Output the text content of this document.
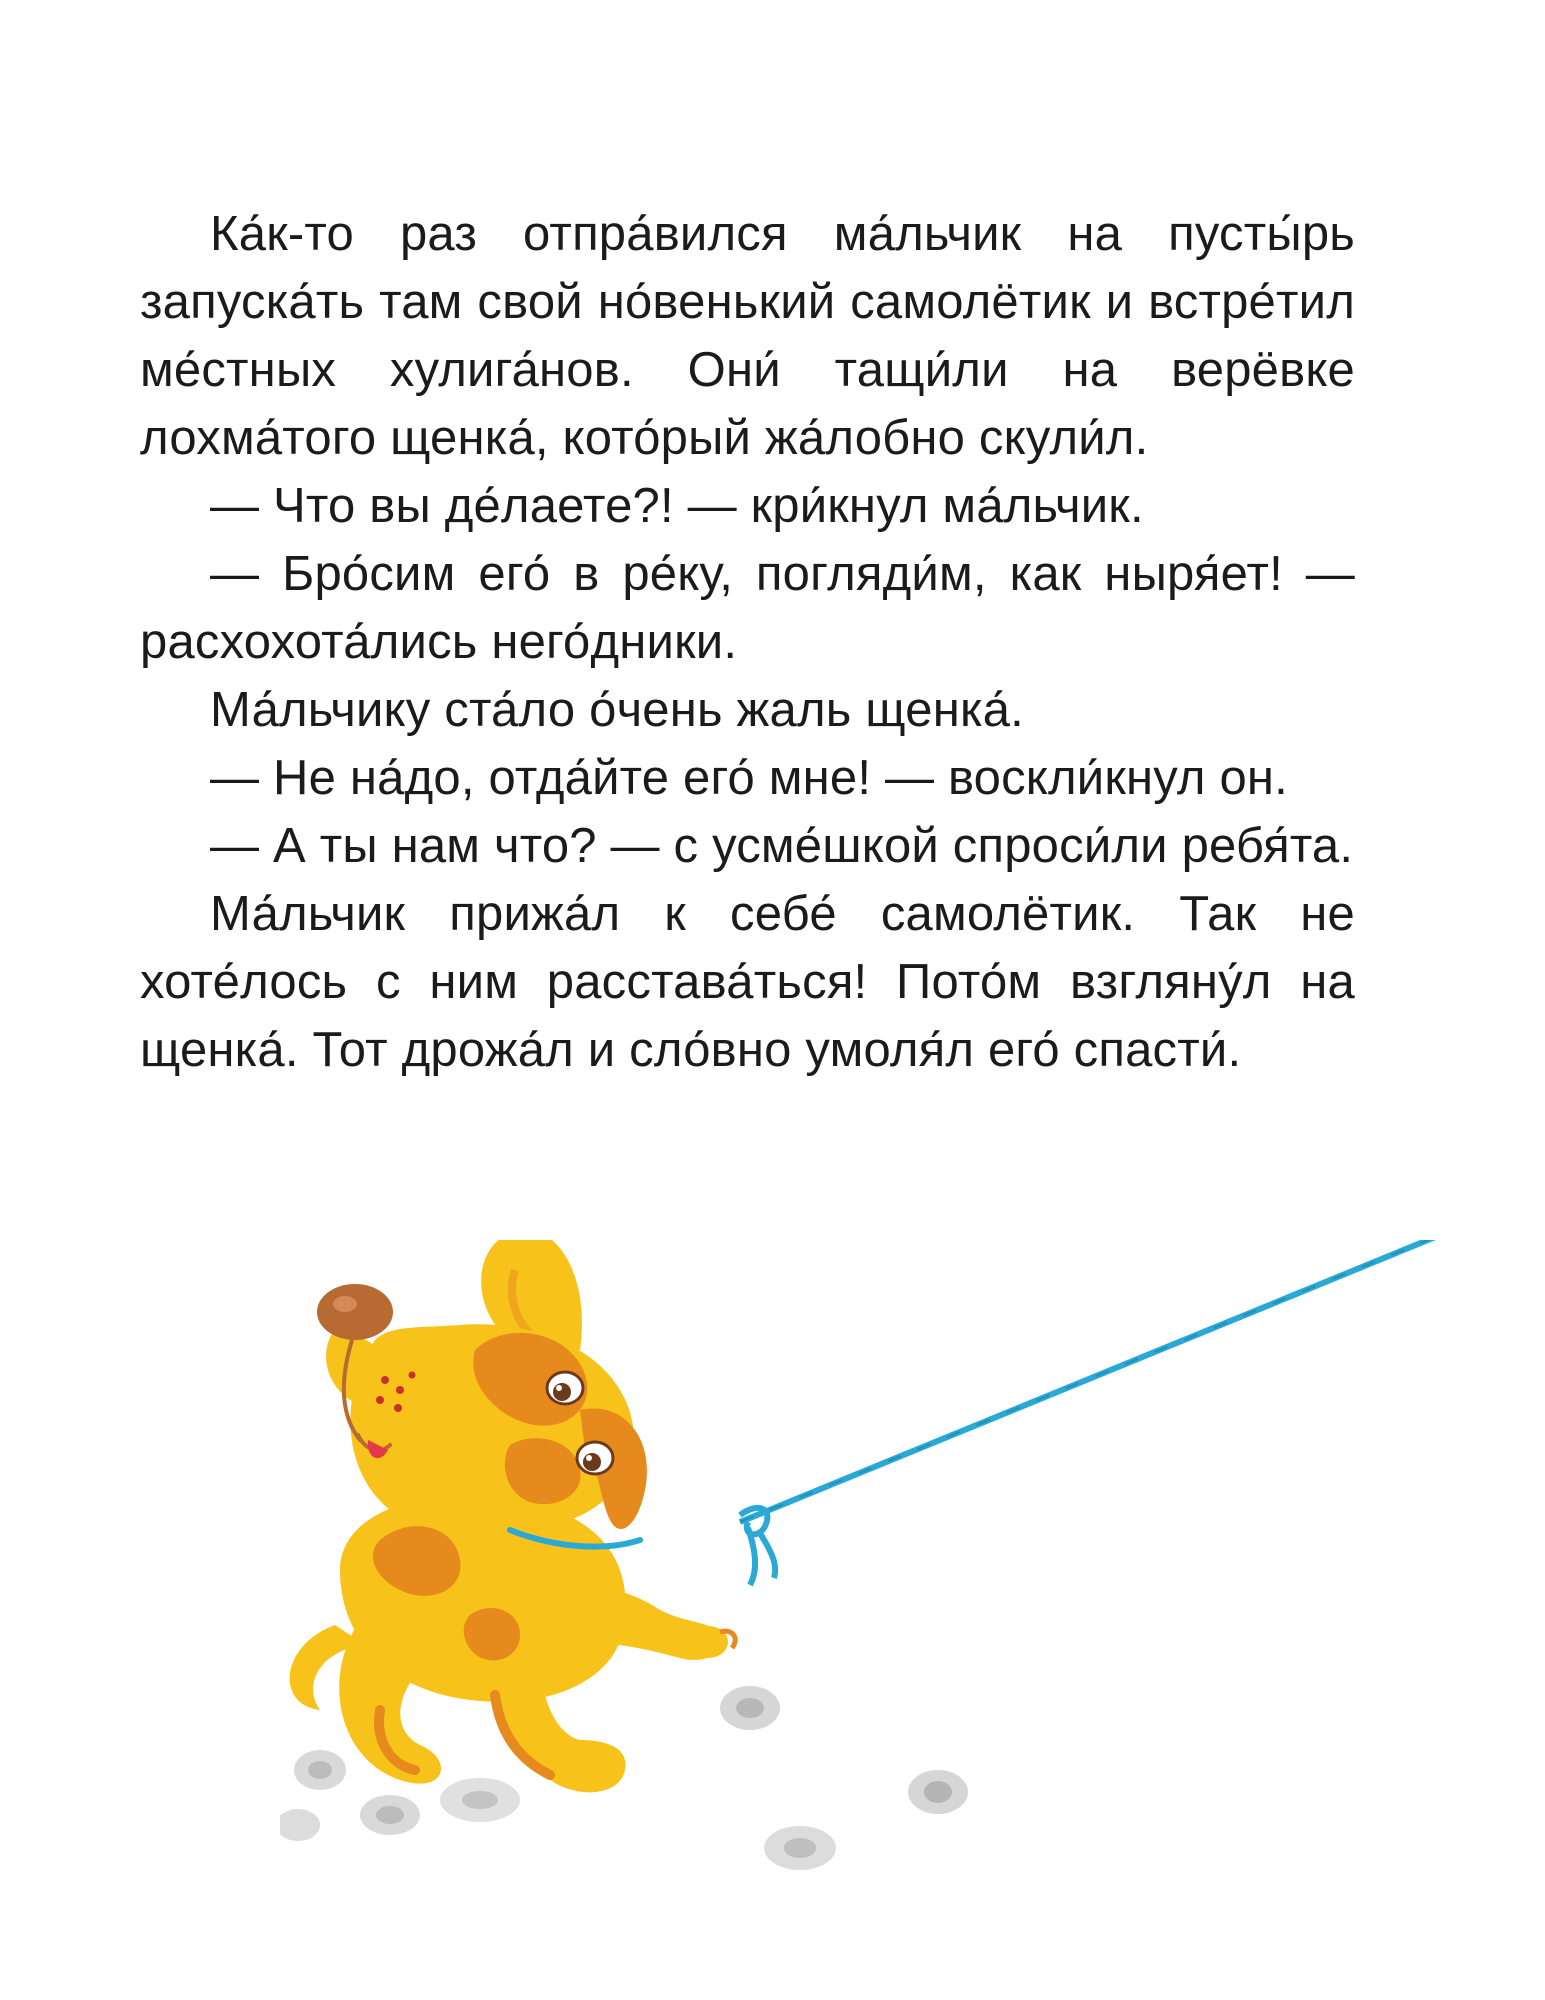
Ка́к-то раз отпра́вился ма́льчик на пусты́рь запуска́ть там свой но́венький самолётик и встре́тил ме́стных хулига́нов. Они́ тащи́ли на верёвке лохма́того щенка́, кото́рый жа́лобно скули́л.

— Что вы де́лаете?! — кри́кнул ма́льчик.

— Бро́сим его́ в ре́ку, погляди́м, как ныря́ет! — расхохота́лись него́дники.

Ма́льчику ста́ло о́чень жаль щенка́.

— Не на́до, отда́йте его́ мне! — воскли́кнул он.

— А ты нам что? — с усме́шкой спроси́ли ребя́та.

Ма́льчик прижа́л к себе́ самолётик. Так не хоте́лось с ним расстава́ться! Пото́м взгляну́л на щенка́. Тот дрожа́л и сло́вно умоля́л его́ спасти́.
